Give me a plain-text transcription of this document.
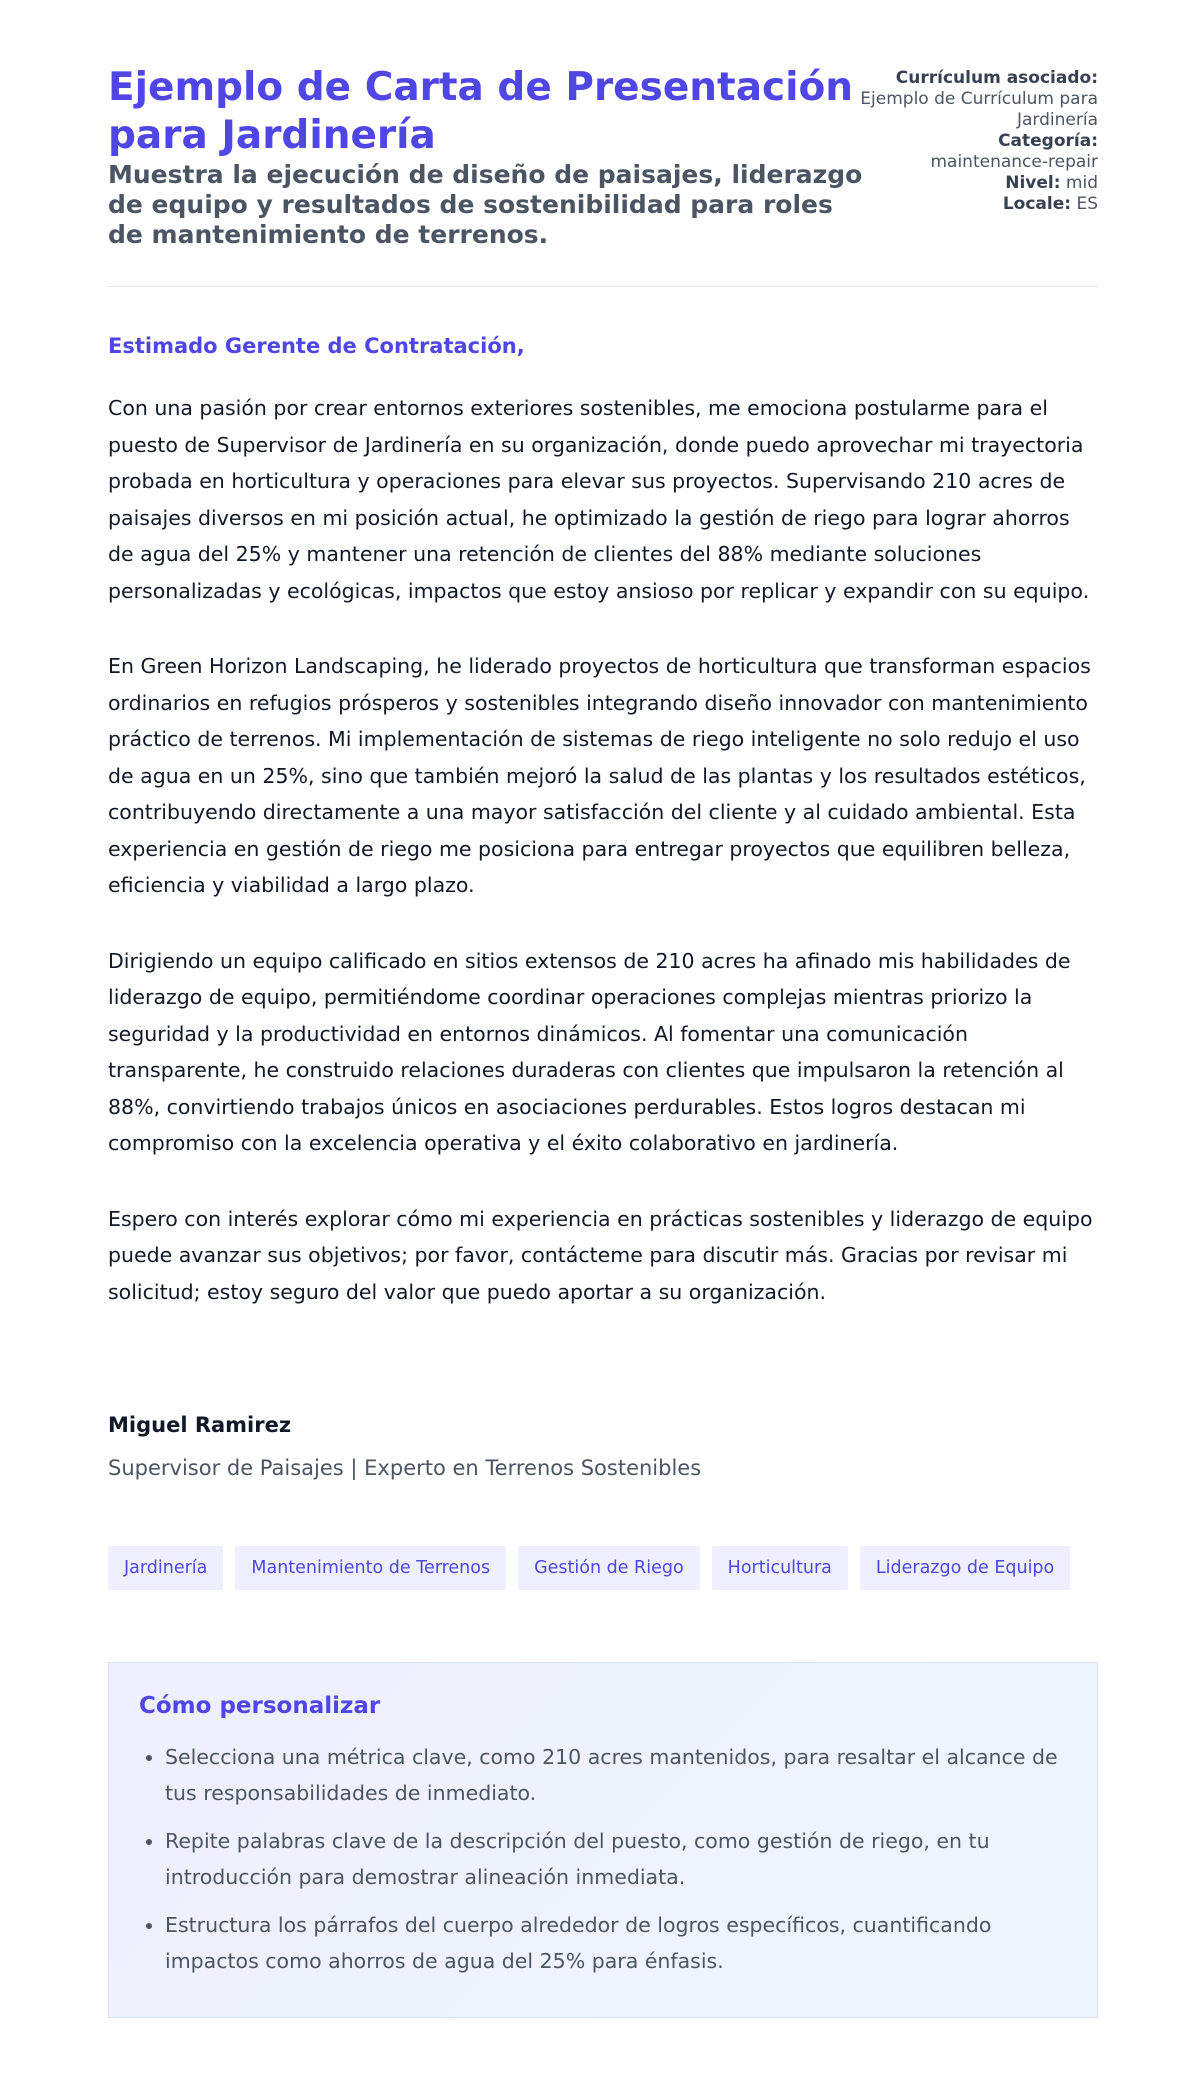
Ejemplo de Carta de Presentación para Jardinería

Muestra la ejecución de diseño de paisajes, liderazgo de equipo y resultados de sostenibilidad para roles de mantenimiento de terrenos.

Currículum asociado:
Ejemplo de Currículum para Jardinería
Categoría:
maintenance-repair
Nivel: mid
Locale: ES

Estimado Gerente de Contratación,

Con una pasión por crear entornos exteriores sostenibles, me emociona postularme para el puesto de Supervisor de Jardinería en su organización, donde puedo aprovechar mi trayectoria probada en horticultura y operaciones para elevar sus proyectos. Supervisando 210 acres de paisajes diversos en mi posición actual, he optimizado la gestión de riego para lograr ahorros de agua del 25% y mantener una retención de clientes del 88% mediante soluciones personalizadas y ecológicas, impactos que estoy ansioso por replicar y expandir con su equipo.

En Green Horizon Landscaping, he liderado proyectos de horticultura que transforman espacios ordinarios en refugios prósperos y sostenibles integrando diseño innovador con mantenimiento práctico de terrenos. Mi implementación de sistemas de riego inteligente no solo redujo el uso de agua en un 25%, sino que también mejoró la salud de las plantas y los resultados estéticos, contribuyendo directamente a una mayor satisfacción del cliente y al cuidado ambiental. Esta experiencia en gestión de riego me posiciona para entregar proyectos que equilibren belleza, eficiencia y viabilidad a largo plazo.

Dirigiendo un equipo calificado en sitios extensos de 210 acres ha afinado mis habilidades de liderazgo de equipo, permitiéndome coordinar operaciones complejas mientras priorizo la seguridad y la productividad en entornos dinámicos. Al fomentar una comunicación transparente, he construido relaciones duraderas con clientes que impulsaron la retención al 88%, convirtiendo trabajos únicos en asociaciones perdurables. Estos logros destacan mi compromiso con la excelencia operativa y el éxito colaborativo en jardinería.

Espero con interés explorar cómo mi experiencia en prácticas sostenibles y liderazgo de equipo puede avanzar sus objetivos; por favor, contácteme para discutir más. Gracias por revisar mi solicitud; estoy seguro del valor que puedo aportar a su organización.

Miguel Ramirez

Supervisor de Paisajes | Experto en Terrenos Sostenibles

Jardinería	Mantenimiento de Terrenos	Gestión de Riego	Horticultura	Liderazgo de Equipo
Cómo personalizar
• Selecciona una métrica clave, como 210 acres mantenidos, para resaltar el alcance de tus responsabilidades de inmediato.
• Repite palabras clave de la descripción del puesto, como gestión de riego, en tu introducción para demostrar alineación inmediata.
• Estructura los párrafos del cuerpo alrededor de logros específicos, cuantificando impactos como ahorros de agua del 25% para énfasis.
